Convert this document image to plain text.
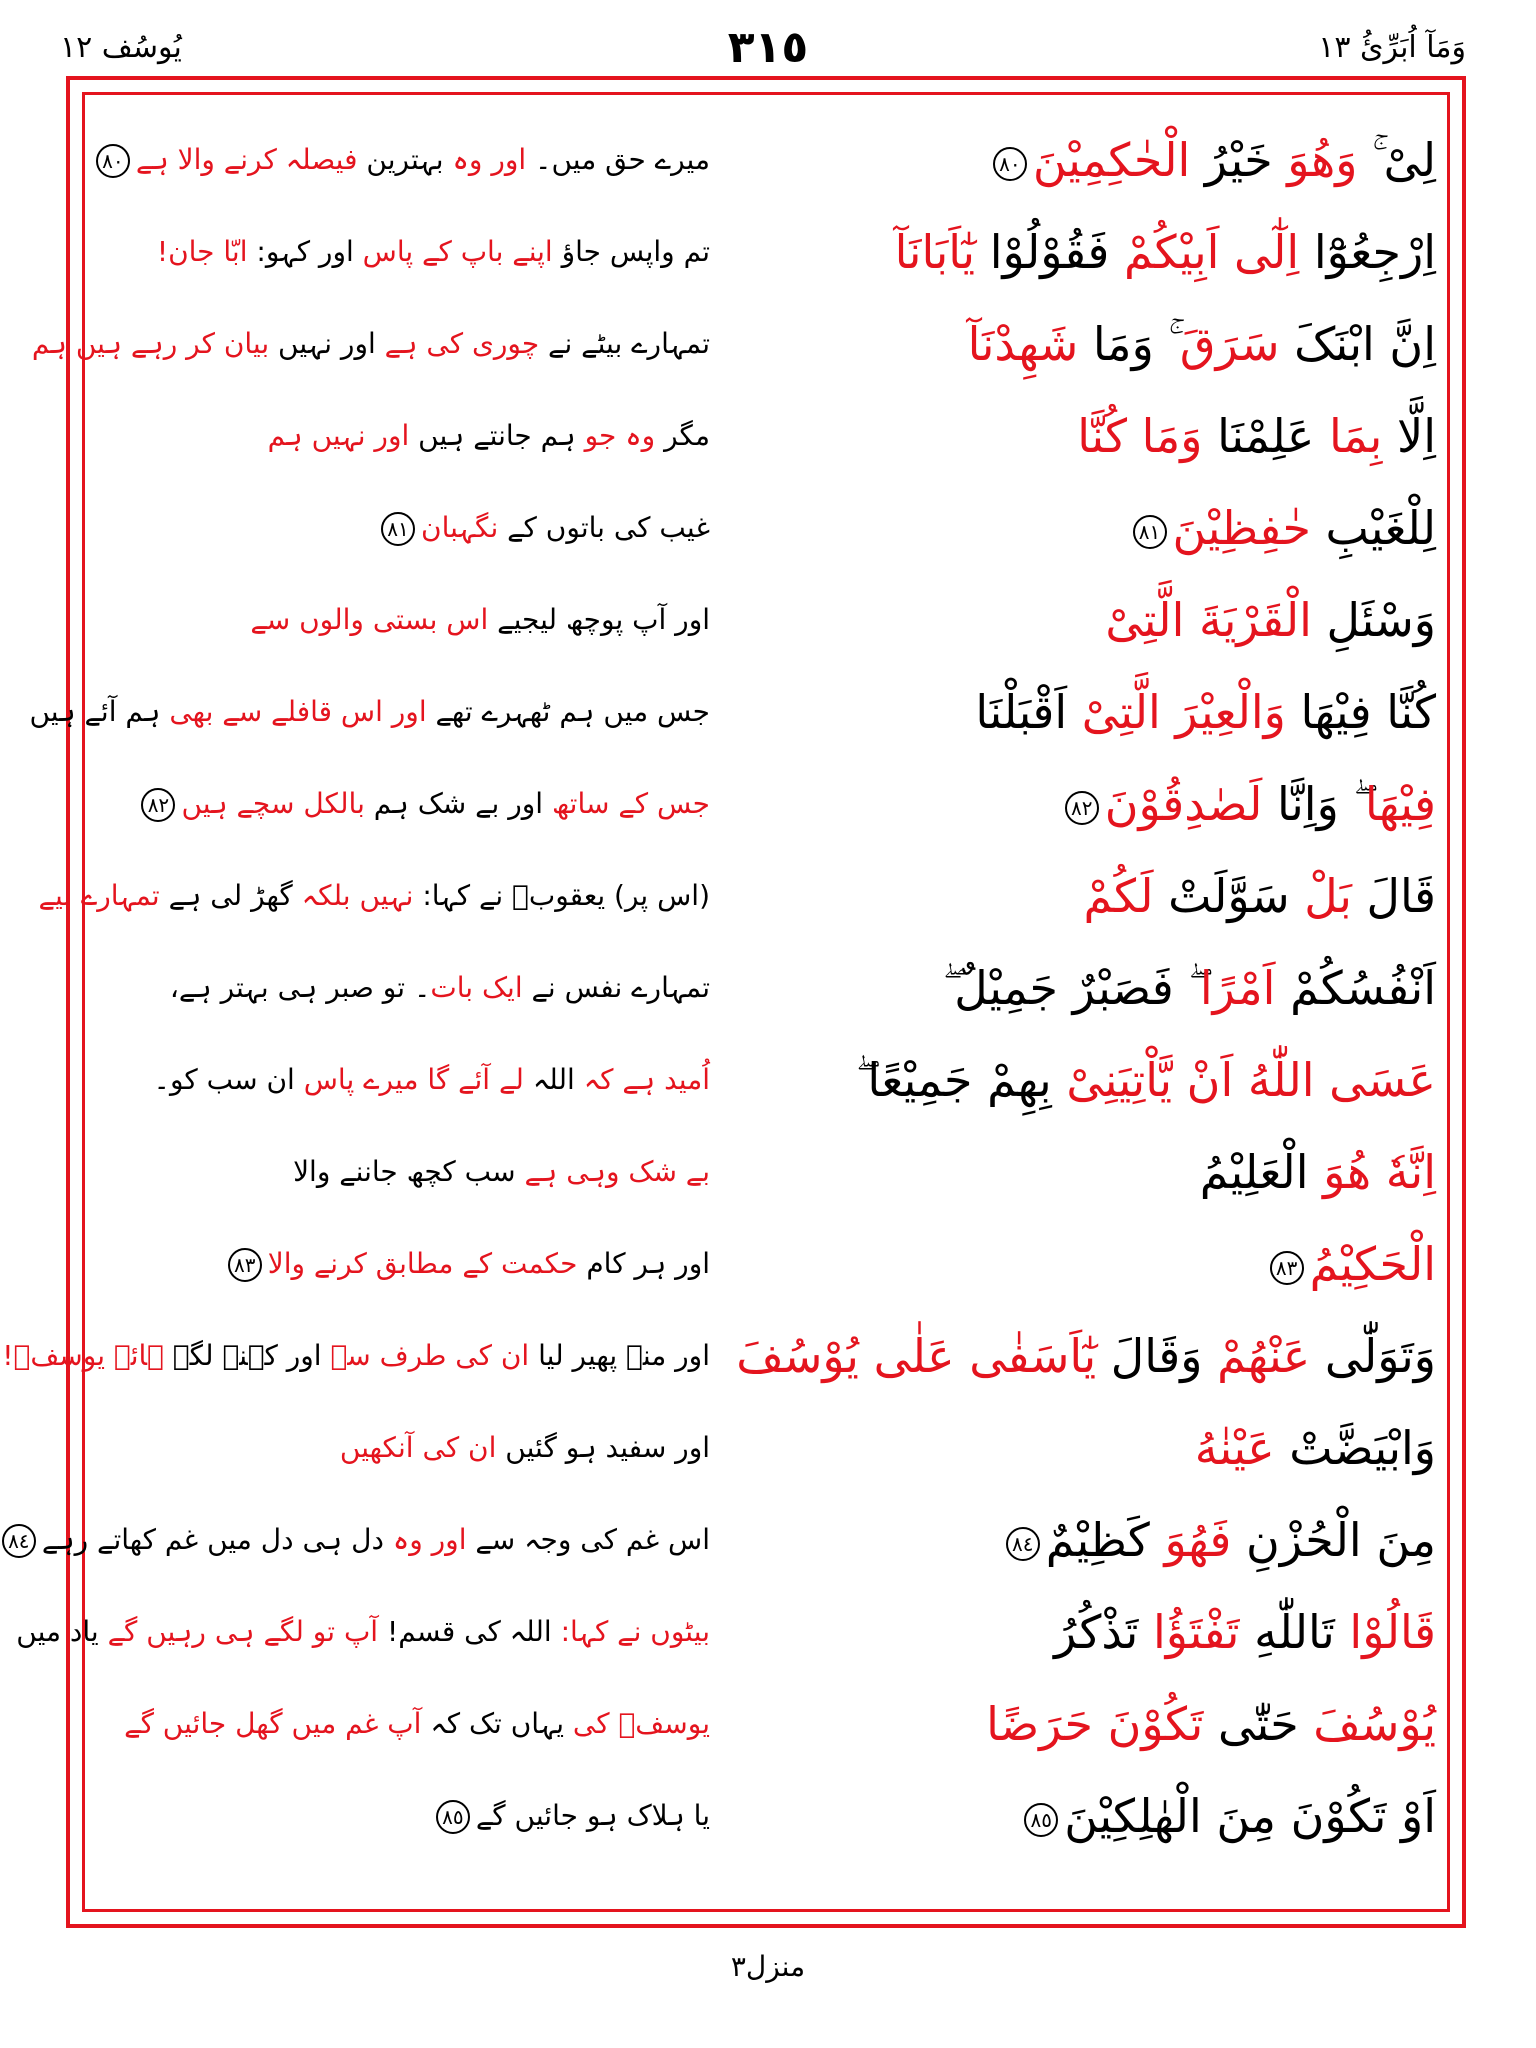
وَمَآ اُبَرِّئُ ١٣
٣١٥
یُوسُف ١٢
لِیْ ۚ وَهُوَ خَیْرُ الْحٰکِمِیْنَ٨٠
میرے حق میں۔ اور وہ بہترین فیصلہ کرنے والا ہے٨٠
اِرْجِعُوْٓا اِلٰٓی اَبِیْکُمْ فَقُوْلُوْا یٰٓاَبَانَآ
تم واپس جاؤ اپنے باپ کے پاس اور کہو: ابّا جان!
اِنَّ ابْنَکَ سَرَقَ ۚ وَمَا شَهِدْنَآ
تمہارے بیٹے نے چوری کی ہے اور نہیں بیان کر رہے ہیں ہم
اِلَّا بِمَا عَلِمْنَا وَمَا کُنَّا
مگر وہ جو ہم جانتے ہیں اور نہیں ہم
لِلْغَیْبِ حٰفِظِیْنَ٨١
غیب کی باتوں کے نگہبان٨١
وَسْئَلِ الْقَرْیَةَ الَّتِیْ
اور آپ پوچھ لیجیے اس بستی والوں سے
کُنَّا فِیْهَا وَالْعِیْرَ الَّتِیْ اَقْبَلْنَا
جس میں ہم ٹھہرے تھے اور اس قافلے سے بھی ہم آئے ہیں
فِیْهَا ۖ وَاِنَّا لَصٰدِقُوْنَ٨٢
جس کے ساتھ اور بے شک ہم بالکل سچے ہیں٨٢
قَالَ بَلْ سَوَّلَتْ لَکُمْ
(اس پر) یعقوبؑ نے کہا: نہیں بلکہ گھڑ لی ہے تمہارے لیے
اَنْفُسُکُمْ اَمْرًا ۖ فَصَبْرٌ جَمِیْلٌ ۖ
تمہارے نفس نے ایک بات۔ تو صبر ہی بہتر ہے،
عَسَی اللّٰهُ اَنْ یَّاْتِیَنِیْ بِهِمْ جَمِیْعًا ۖ
اُمید ہے کہ اللہ لے آئے گا میرے پاس ان سب کو۔
اِنَّهٗ هُوَ الْعَلِیْمُ
بے شک وہی ہے سب کچھ جاننے والا
الْحَکِیْمُ٨٣
اور ہر کام حکمت کے مطابق کرنے والا٨٣
وَتَوَلّٰی عَنْهُمْ وَقَالَ یٰٓاَسَفٰی عَلٰی یُوْسُفَ
اور منہ پھیر لیا ان کی طرف سے اور کہنے لگے ہائے یوسفؑ!
وَابْیَضَّتْ عَیْنٰهُ
اور سفید ہو گئیں ان کی آنکھیں
مِنَ الْحُزْنِ فَهُوَ کَظِیْمٌ٨٤
اس غم کی وجہ سے اور وہ دل ہی دل میں غم کھاتے رہے٨٤
قَالُوْا تَاللّٰهِ تَفْتَؤُا تَذْکُرُ
بیٹوں نے کہا: اللہ کی قسم! آپ تو لگے ہی رہیں گے یاد میں
یُوْسُفَ حَتّٰی تَکُوْنَ حَرَضًا
یوسفؑ کی یہاں تک کہ آپ غم میں گھل جائیں گے
اَوْ تَکُوْنَ مِنَ الْهٰلِکِیْنَ٨٥
یا ہلاک ہو جائیں گے٨٥
منزل٣
